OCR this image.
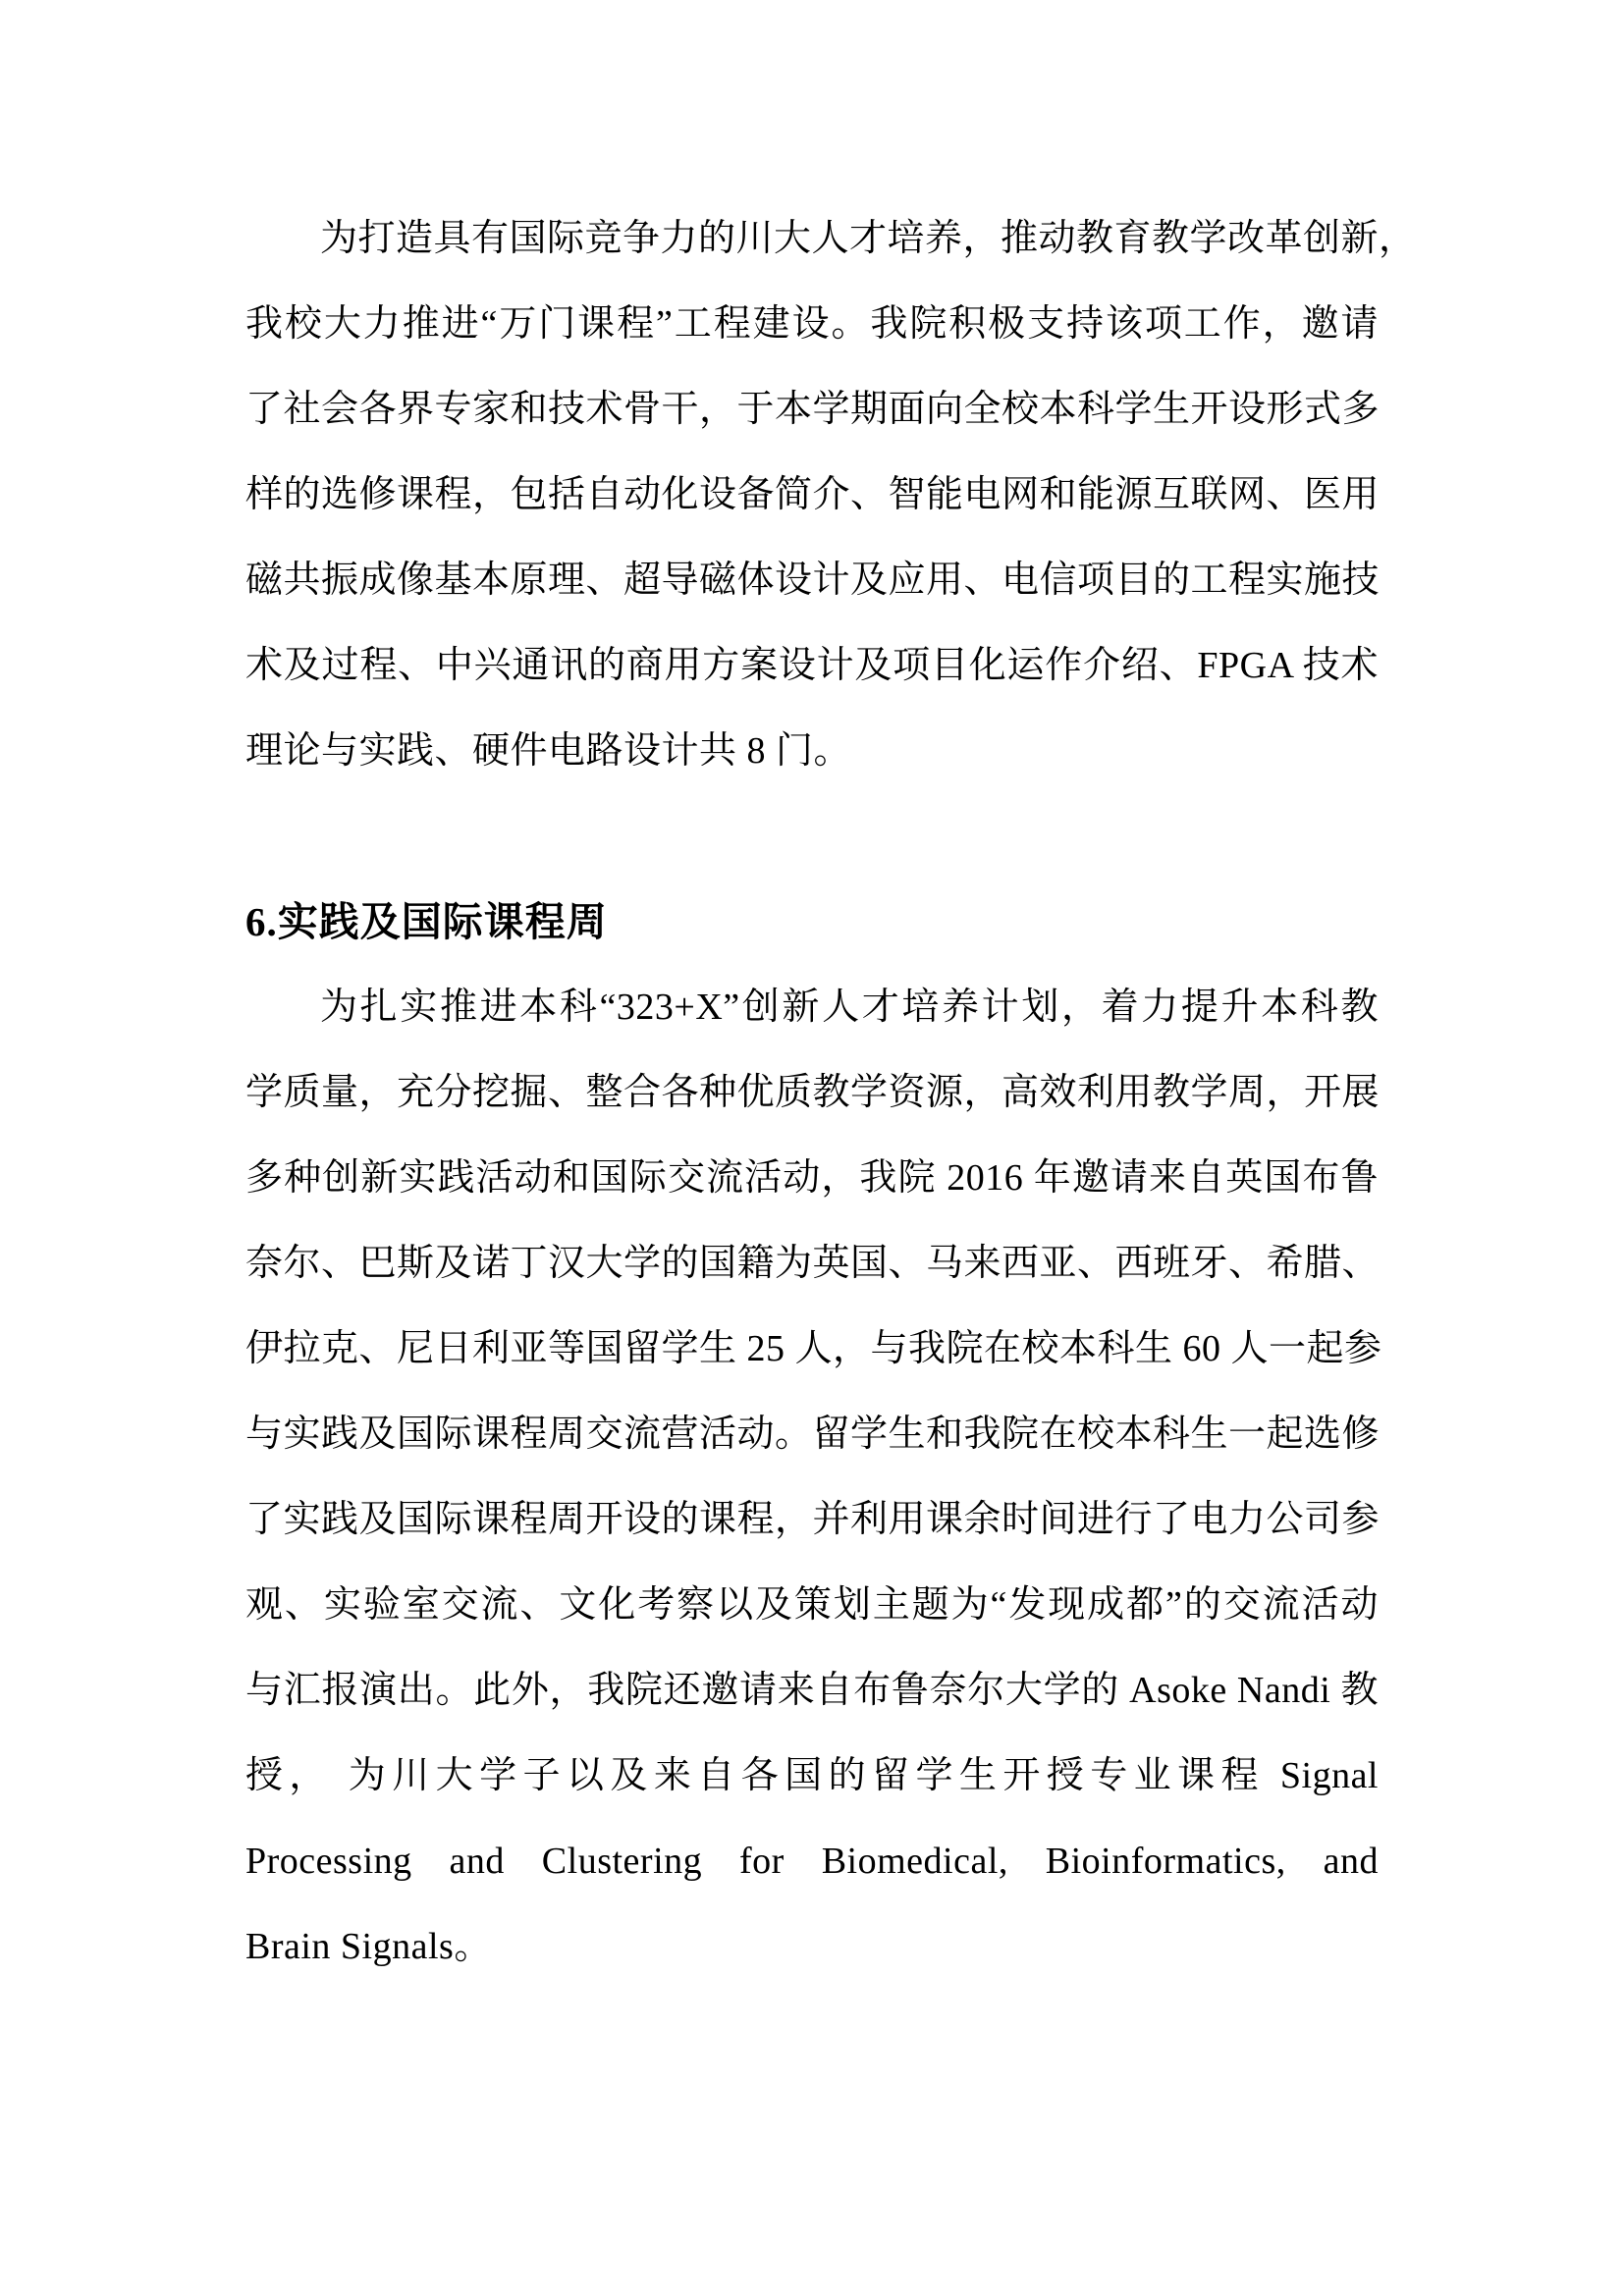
为打造具有国际竞争力的川大人才培养，推动教育教学改革创新，
我校大力推进“万门课程”工程建设。我院积极支持该项工作，邀请
了社会各界专家和技术骨干，于本学期面向全校本科学生开设形式多
样的选修课程，包括自动化设备简介、智能电网和能源互联网、医用
磁共振成像基本原理、超导磁体设计及应用、电信项目的工程实施技
术及过程、中兴通讯的商用方案设计及项目化运作介绍、FPGA 技术
理论与实践、硬件电路设计共 8 门。

6.实践及国际课程周

为扎实推进本科“323+X”创新人才培养计划，着力提升本科教
学质量，充分挖掘、整合各种优质教学资源，高效利用教学周，开展
多种创新实践活动和国际交流活动，我院 2016 年邀请来自英国布鲁
奈尔、巴斯及诺丁汉大学的国籍为英国、马来西亚、西班牙、希腊、
伊拉克、尼日利亚等国留学生 25 人，与我院在校本科生 60 人一起参
与实践及国际课程周交流营活动。留学生和我院在校本科生一起选修
了实践及国际课程周开设的课程，并利用课余时间进行了电力公司参
观、实验室交流、文化考察以及策划主题为“发现成都”的交流活动
与汇报演出。此外，我院还邀请来自布鲁奈尔大学的 Asoke Nandi 教
授， 为川大学子以及来自各国的留学生开授专业课程 Signal
Processing and Clustering for Biomedical, Bioinformatics, and
Brain Signals。
